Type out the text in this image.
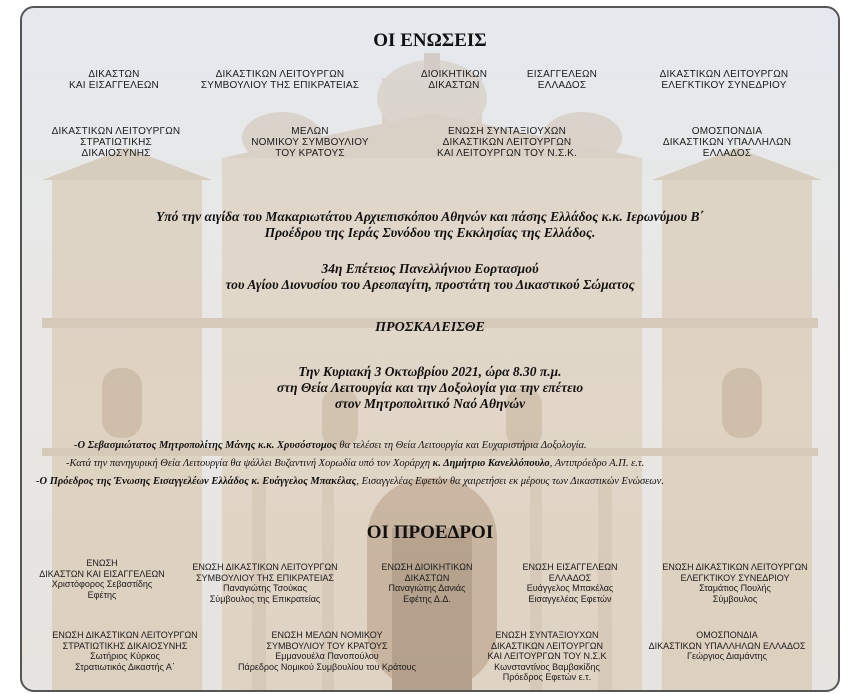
ΟΙ ΕΝΩΣΕΙΣ
ΔΙΚΑΣΤΩΝ
ΚΑΙ ΕΙΣΑΓΓΕΛΕΩΝ
ΔΙΚΑΣΤΙΚΩΝ ΛΕΙΤΟΥΡΓΩΝ
ΣΥΜΒΟΥΛΙΟΥ ΤΗΣ ΕΠΙΚΡΑΤΕΙΑΣ
ΔΙΟΙΚΗΤΙΚΩΝ
ΔΙΚΑΣΤΩΝ
ΕΙΣΑΓΓΕΛΕΩΝ
ΕΛΛΑΔΟΣ
ΔΙΚΑΣΤΙΚΩΝ ΛΕΙΤΟΥΡΓΩΝ
ΕΛΕΓΚΤΙΚΟΥ ΣΥΝΕΔΡΙΟΥ
ΔΙΚΑΣΤΙΚΩΝ ΛΕΙΤΟΥΡΓΩΝ
ΣΤΡΑΤΙΩΤΙΚΗΣ
ΔΙΚΑΙΟΣΥΝΗΣ
ΜΕΛΩΝ
ΝΟΜΙΚΟΥ ΣΥΜΒΟΥΛΙΟΥ
ΤΟΥ ΚΡΑΤΟΥΣ
ΕΝΩΣΗ ΣΥΝΤΑΞΙΟΥΧΩΝ
ΔΙΚΑΣΤΙΚΩΝ ΛΕΙΤΟΥΡΓΩΝ
ΚΑΙ ΛΕΙΤΟΥΡΓΩΝ ΤΟΥ Ν.Σ.Κ.
ΟΜΟΣΠΟΝΔΙΑ
ΔΙΚΑΣΤΙΚΩΝ ΥΠΑΛΛΗΛΩΝ
ΕΛΛΑΔΟΣ
Υπό την αιγίδα του Μακαριωτάτου Αρχιεπισκόπου Αθηνών και πάσης Ελλάδος κ.κ. Ιερωνύμου Β΄
Προέδρου της Ιεράς Συνόδου της Εκκλησίας της Ελλάδος.
34η Επέτειος Πανελλήνιου Εορτασμού
του Αγίου Διονυσίου του Αρεοπαγίτη, προστάτη του Δικαστικού Σώματος
ΠΡΟΣΚΑΛΕΙΣΘΕ
Την Κυριακή 3 Οκτωβρίου 2021, ώρα 8.30 π.μ.
στη Θεία Λειτουργία και την Δοξολογία για την επέτειο
στον Μητροπολιτικό Ναό Αθηνών
-Ο Σεβασμιώτατος Μητροπολίτης Μάνης κ.κ. Χρυσόστομος θα τελέσει τη Θεία Λειτουργία και Ευχαριστήρια Δοξολογία.
-Κατά την πανηγυρική Θεία Λειτουργία θα ψάλλει Βυζαντινή Χορωδία υπό τον Χοράρχη κ. Δημήτριο Κανελλόπουλο, Αντιπρόεδρο Α.Π. ε.τ.
-Ο Πρόεδρος της Ένωσης Εισαγγελέων Ελλάδος κ. Ευάγγελος Μπακέλας, Εισαγγελέας Εφετών θα χαιρετήσει εκ μέρους των Δικαστικών Ενώσεων.
ΟΙ ΠΡΟΕΔΡΟΙ
ΕΝΩΣΗ
ΔΙΚΑΣΤΩΝ ΚΑΙ ΕΙΣΑΓΓΕΛΕΩΝ
Χριστόφορος Σεβαστίδης
Εφέτης
ΕΝΩΣΗ ΔΙΚΑΣΤΙΚΩΝ ΛΕΙΤΟΥΡΓΩΝ
ΣΥΜΒΟΥΛΙΟΥ ΤΗΣ ΕΠΙΚΡΑΤΕΙΑΣ
Παναγιώτης Τσούκας
Σύμβουλος της Επικρατείας
ΕΝΩΣΗ ΔΙΟΙΚΗΤΙΚΩΝ
ΔΙΚΑΣΤΩΝ
Παναγιώτης Δανιάς
Εφέτης Δ.Δ.
ΕΝΩΣΗ ΕΙΣΑΓΓΕΛΕΩΝ
ΕΛΛΑΔΟΣ
Ευάγγελος Μπακέλας
Εισαγγελέας Εφετών
ΕΝΩΣΗ ΔΙΚΑΣΤΙΚΩΝ ΛΕΙΤΟΥΡΓΩΝ
ΕΛΕΓΚΤΙΚΟΥ ΣΥΝΕΔΡΙΟΥ
Σταμάτιος Πουλής
Σύμβουλος
ΕΝΩΣΗ ΔΙΚΑΣΤΙΚΩΝ ΛΕΙΤΟΥΡΓΩΝ
ΣΤΡΑΤΙΩΤΙΚΗΣ ΔΙΚΑΙΟΣΥΝΗΣ
Σωτήριος Κύρκος
Στρατιωτικός Δικαστής Α΄
ΕΝΩΣΗ ΜΕΛΩΝ ΝΟΜΙΚΟΥ
ΣΥΜΒΟΥΛΙΟΥ ΤΟΥ ΚΡΑΤΟΥΣ
Εμμανουέλα Πανοπούλου
Πάρεδρος Νομικού Συμβουλίου του Κράτους
ΕΝΩΣΗ ΣΥΝΤΑΞΙΟΥΧΩΝ
ΔΙΚΑΣΤΙΚΩΝ ΛΕΙΤΟΥΡΓΩΝ
ΚΑΙ ΛΕΙΤΟΥΡΓΩΝ ΤΟΥ Ν.Σ.Κ
Κωνσταντίνος Βαμβακίδης
Πρόεδρος Εφετών ε.τ.
ΟΜΟΣΠΟΝΔΙΑ
ΔΙΚΑΣΤΙΚΩΝ ΥΠΑΛΛΗΛΩΝ ΕΛΛΑΔΟΣ
Γεώργιος Διαμάντης
